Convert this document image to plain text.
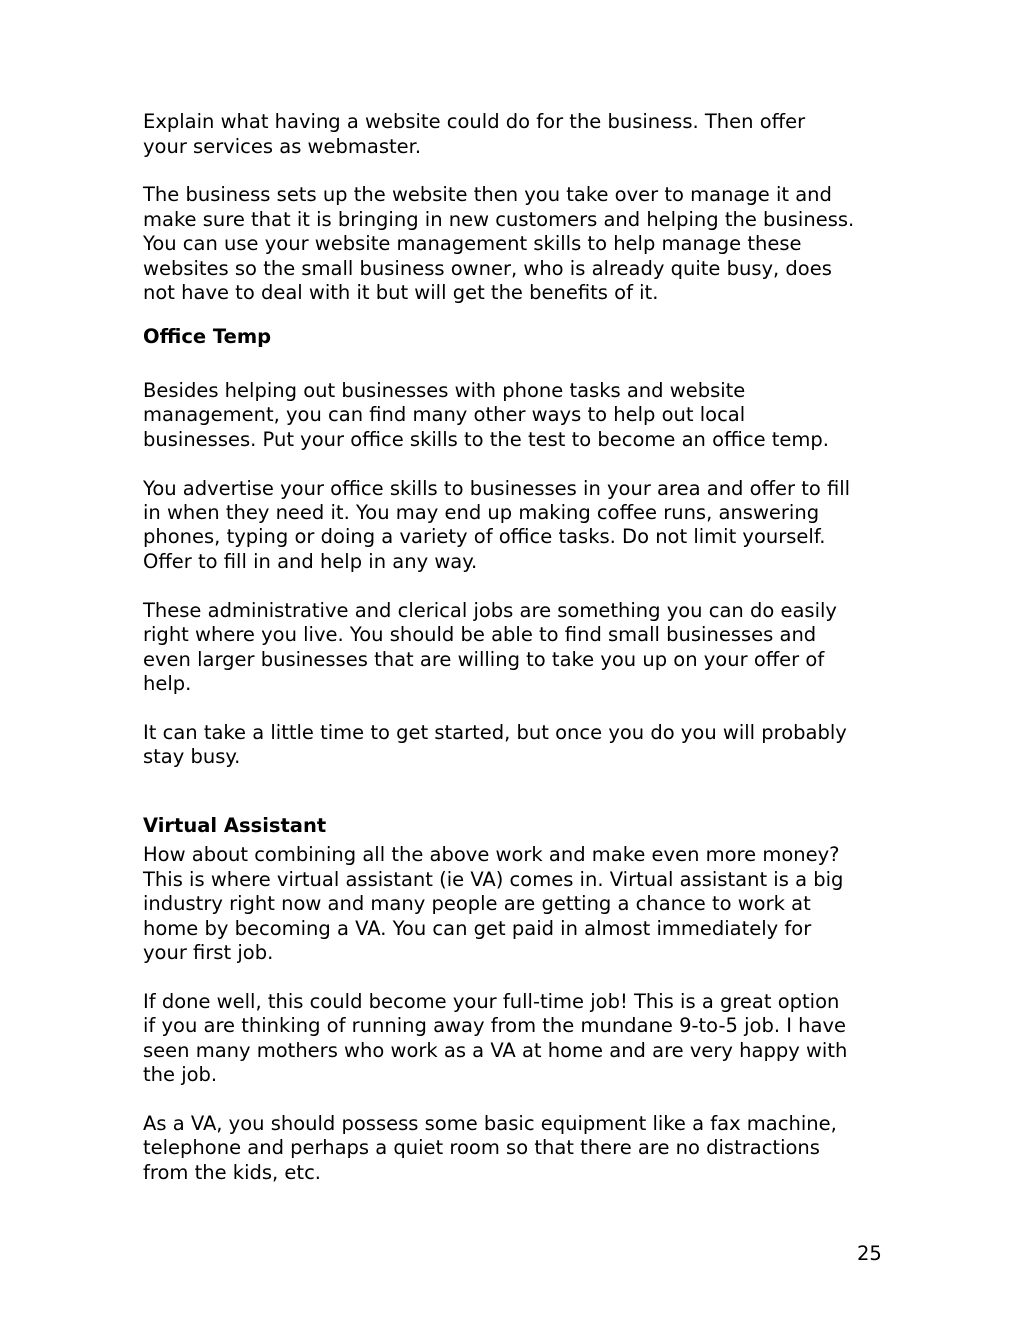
Explain what having a website could do for the business. Then offer

your services as webmaster.

The business sets up the website then you take over to manage it and

make sure that it is bringing in new customers and helping the business.

You can use your website management skills to help manage these

websites so the small business owner, who is already quite busy, does

not have to deal with it but will get the benefits of it.

Office Temp

Besides helping out businesses with phone tasks and website

management, you can find many other ways to help out local

businesses. Put your office skills to the test to become an office temp.

You advertise your office skills to businesses in your area and offer to fill

in when they need it. You may end up making coffee runs, answering

phones, typing or doing a variety of office tasks. Do not limit yourself.

Offer to fill in and help in any way.

These administrative and clerical jobs are something you can do easily

right where you live. You should be able to find small businesses and

even larger businesses that are willing to take you up on your offer of

help.

It can take a little time to get started, but once you do you will probably

stay busy.

Virtual Assistant

How about combining all the above work and make even more money?

This is where virtual assistant (ie VA) comes in. Virtual assistant is a big

industry right now and many people are getting a chance to work at

home by becoming a VA. You can get paid in almost immediately for

your first job.

If done well, this could become your full-time job! This is a great option

if you are thinking of running away from the mundane 9-to-5 job. I have

seen many mothers who work as a VA at home and are very happy with

the job.

As a VA, you should possess some basic equipment like a fax machine,

telephone and perhaps a quiet room so that there are no distractions

from the kids, etc.

25
